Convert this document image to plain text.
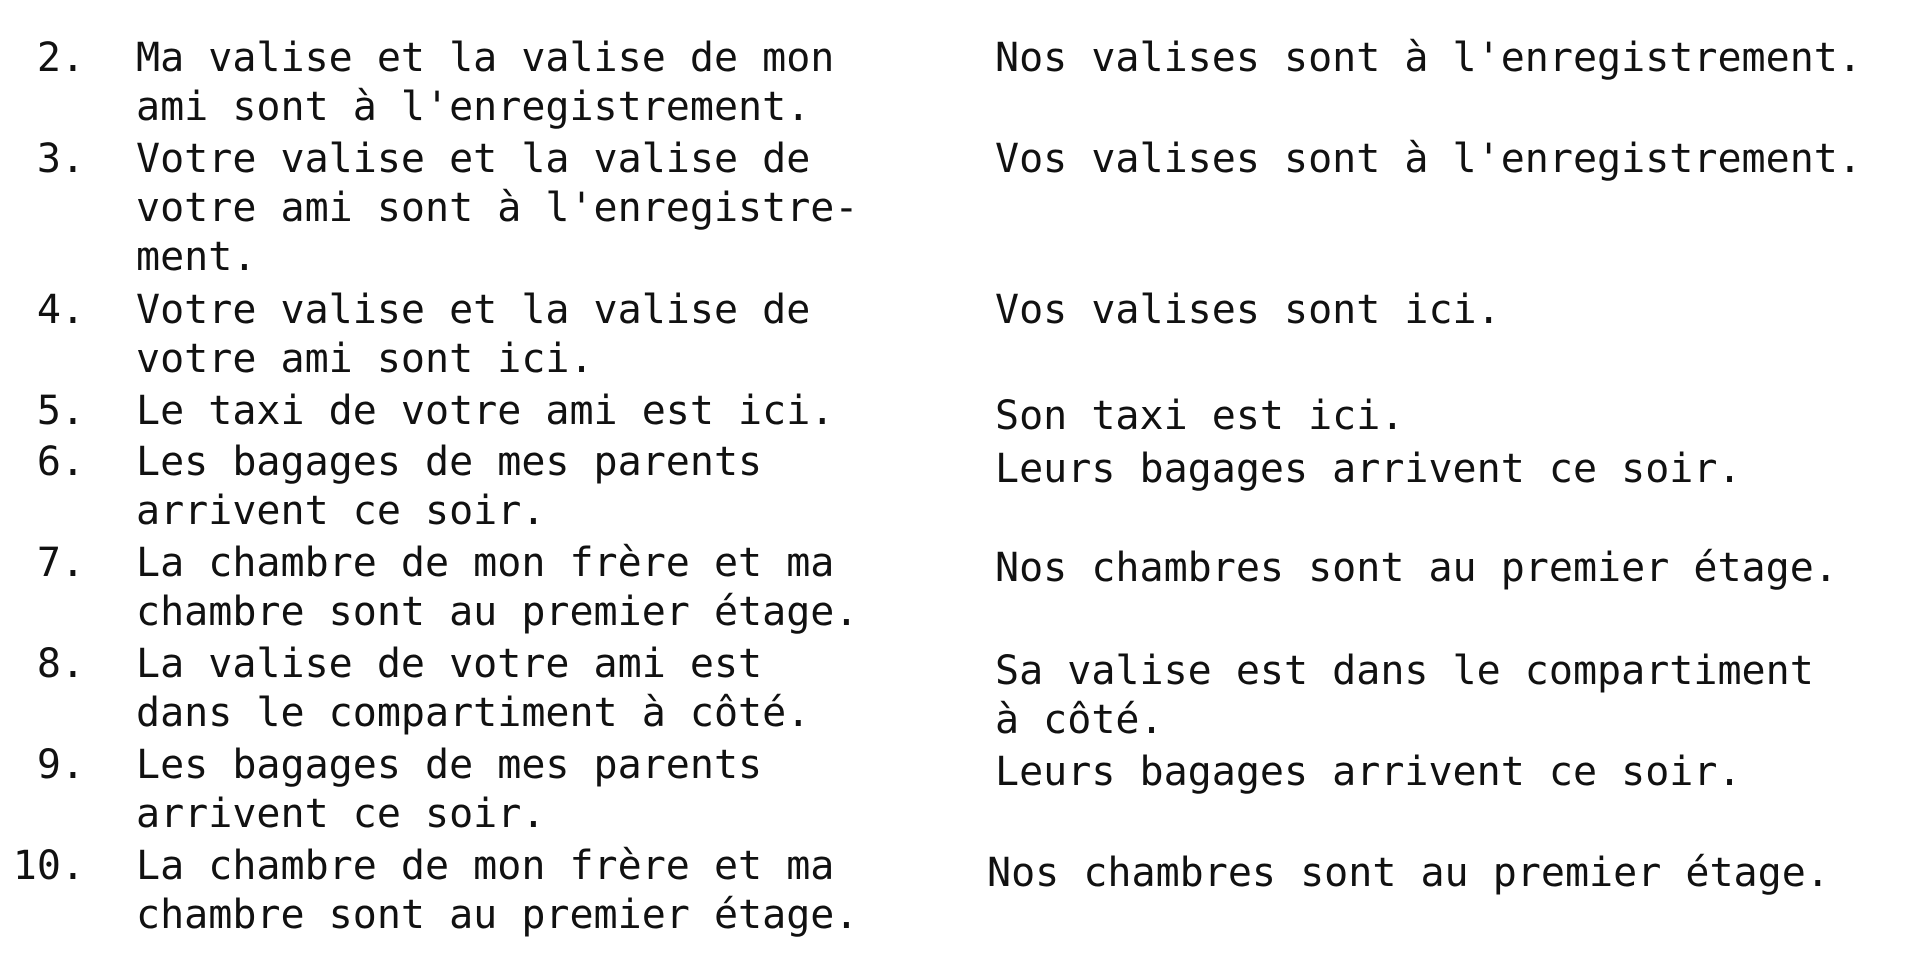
2. Ma valise et la valise de mon
ami sont à l'enregistrement.
Nos valises sont à l'enregistrement.
3. Votre valise et la valise de
votre ami sont à l'enregistre-
ment.
Vos valises sont à l'enregistrement.
4. Votre valise et la valise de
votre ami sont ici.
Vos valises sont ici.
5. Le taxi de votre ami est ici.	Son taxi est ici.
6. Les bagages de mes parents
arrivent ce soir.
Leurs bagages arrivent ce soir.
7. La chambre de mon frère et ma
chambre sont au premier étage.
Nos chambres sont au premier étage.
8. La valise de votre ami est
dans le compartiment à côté.
Sa valise est dans le compartiment
à côté.
9. Les bagages de mes parents
arrivent ce soir.
Leurs bagages arrivent ce soir.
10. La chambre de mon frère et ma
chambre sont au premier étage.
Nos chambres sont au premier étage.
